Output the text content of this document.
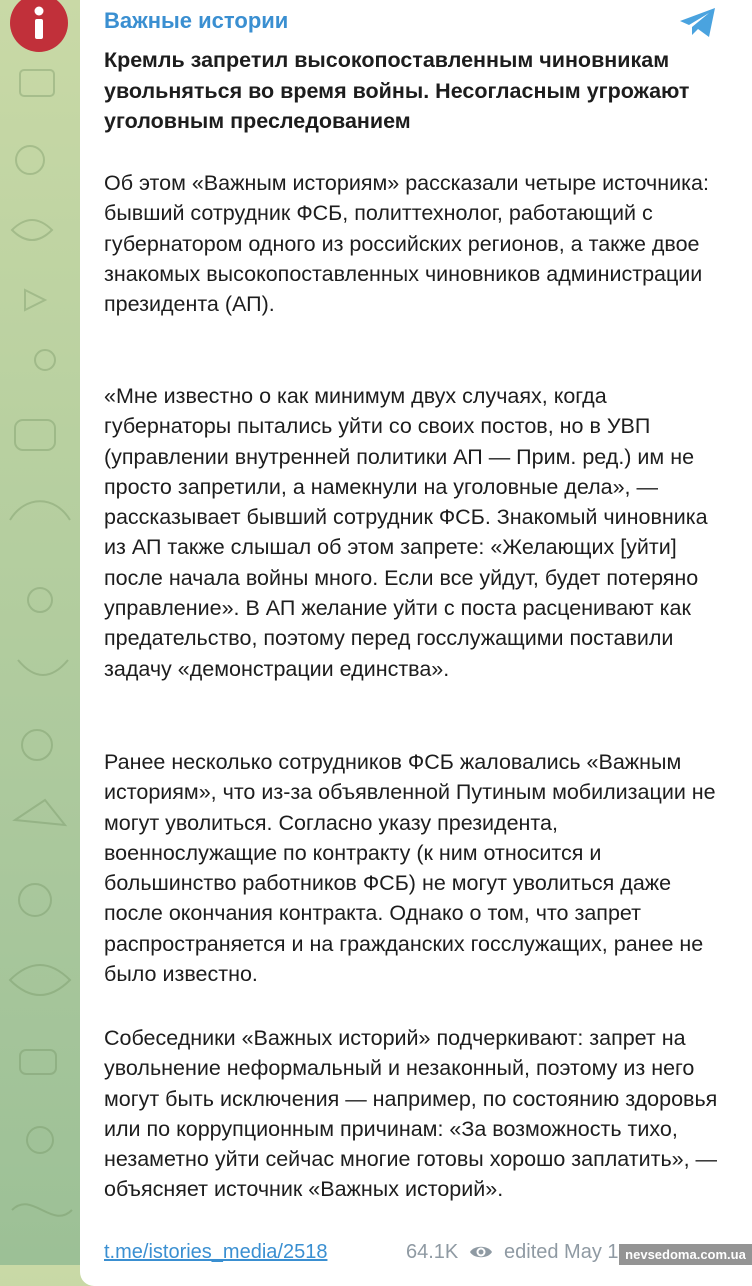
Важные истории
Кремль запретил высокопоставленным чиновникам увольняться во время войны. Несогласным угрожают уголовным преследованием

Об этом «Важным историям» рассказали четыре источника: бывший сотрудник ФСБ, политтехнолог, работающий с губернатором одного из российских регионов, а также двое знакомых высокопоставленных чиновников администрации президента (АП).

«Мне известно о как минимум двух случаях, когда губернаторы пытались уйти со своих постов, но в УВП (управлении внутренней политики АП — Прим. ред.) им не просто запретили, а намекнули на уголовные дела», — рассказывает бывший сотрудник ФСБ. Знакомый чиновника из АП также слышал об этом запрете: «Желающих [уйти] после начала войны много. Если все уйдут, будет потеряно управление». В АП желание уйти с поста расценивают как предательство, поэтому перед госслужащими поставили задачу «демонстрации единства».

Ранее несколько сотрудников ФСБ жаловались «Важным историям», что из-за объявленной Путиным мобилизации не могут уволиться. Согласно указу президента, военнослужащие по контракту (к ним относится и большинство работников ФСБ) не могут уволиться даже после окончания контракта. Однако о том, что запрет распространяется и на гражданских госслужащих, ранее не было известно.

Собеседники «Важных историй» подчеркивают: запрет на увольнение неформальный и незаконный, поэтому из него могут быть исключения — например, по состоянию здоровья или по коррупционным причинам: «За возможность тихо, незаметно уйти сейчас многие готовы хорошо заплатить», — объясняет источник «Важных историй».

t.me/istories_media/2518	64.1K edited May 1 nevsedoma.com.ua
